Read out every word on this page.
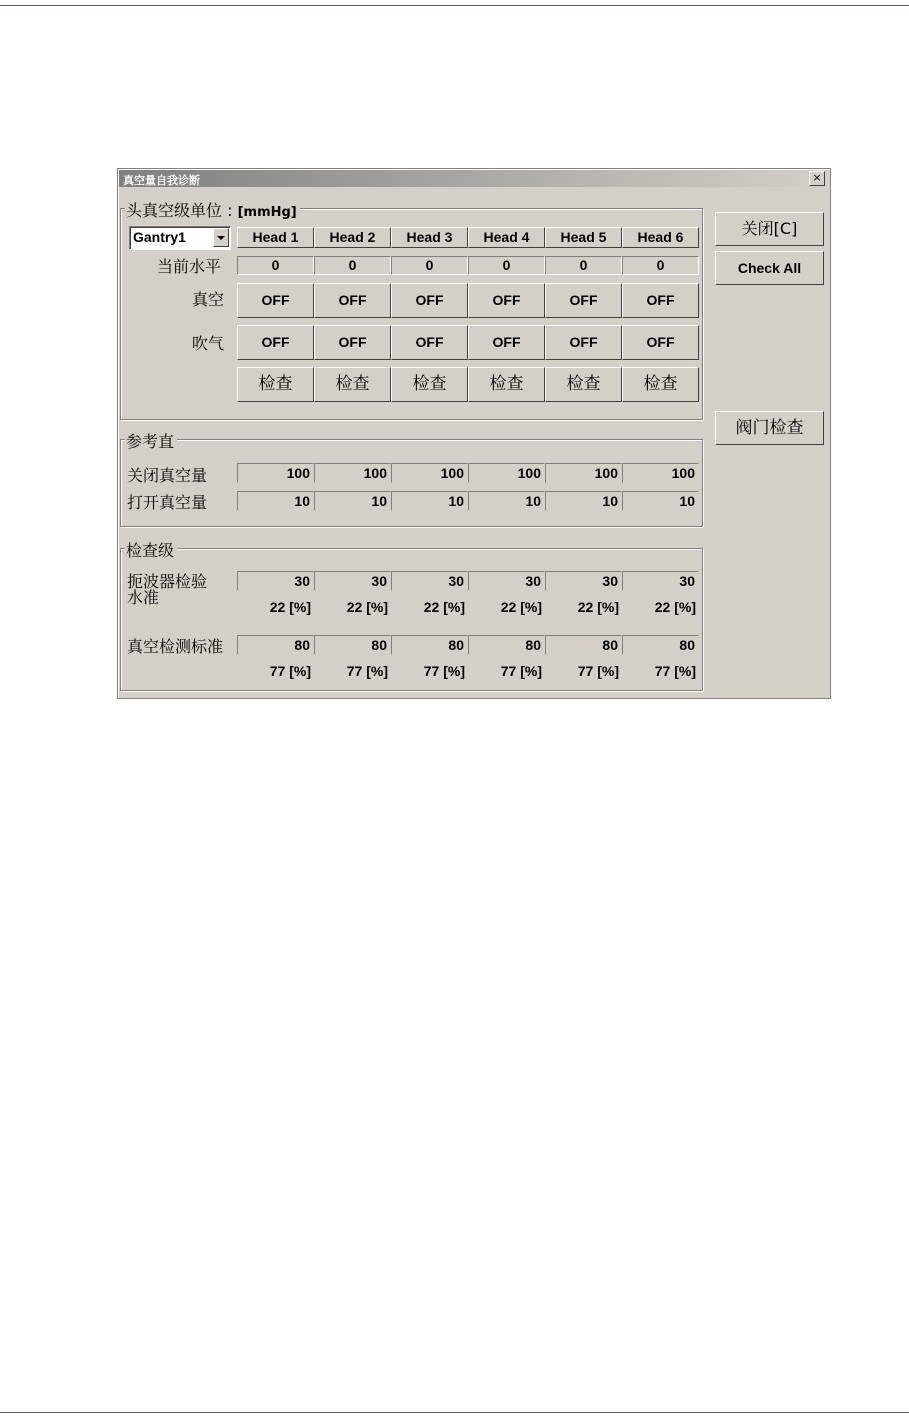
真空量自我诊断	×
头真空级单位 : [mmHg]
Gantry1
当前水平
真空
吹气
参考直
关闭真空量
打开真空量
检查级
扼波器检验
水准
真空检测标准
关闭[C]
Check All
阀门检查
Head 1
0
OFF
OFF
检查
100
10
30
22 [%]
80
77 [%]
Head 2
0
OFF
OFF
检查
100
10
30
22 [%]
80
77 [%]
Head 3
0
OFF
OFF
检查
100
10
30
22 [%]
80
77 [%]
Head 4
0
OFF
OFF
检查
100
10
30
22 [%]
80
77 [%]
Head 5
0
OFF
OFF
检查
100
10
30
22 [%]
80
77 [%]
Head 6
0
OFF
OFF
检查
100
10
30
22 [%]
80
77 [%]
